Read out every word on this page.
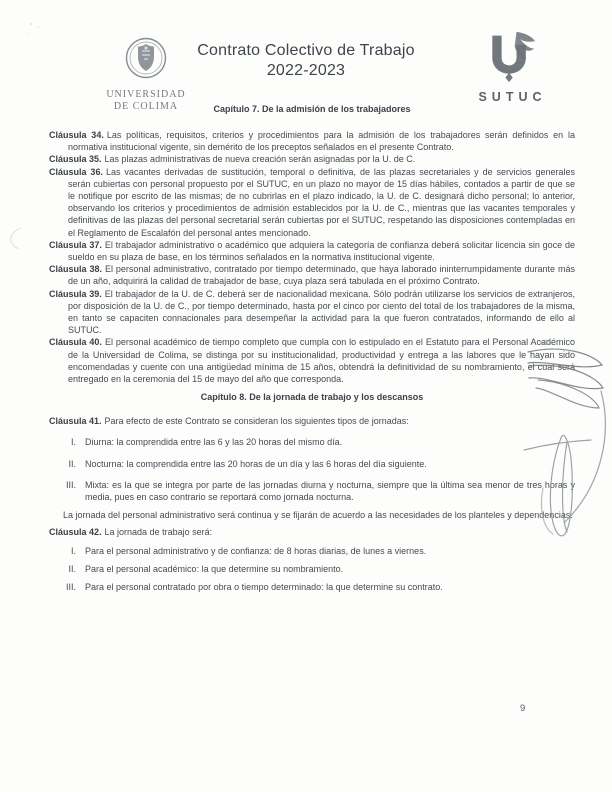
UNIVERSIDAD
DE COLIMA
Contrato Colectivo de Trabajo
2022-2023
SUTUC
Capítulo 7. De la admisión de los trabajadores

Cláusula 34. Las políticas, requisitos, criterios y procedimientos para la admisión de los trabajadores serán definidos en la normativa institucional vigente, sin demérito de los preceptos señalados en el presente Contrato.

Cláusula 35. Las plazas administrativas de nueva creación serán asignadas por la U. de C.

Cláusula 36. Las vacantes derivadas de sustitución, temporal o definitiva, de las plazas secretariales y de servicios generales serán cubiertas con personal propuesto por el SUTUC, en un plazo no mayor de 15 días hábiles, contados a partir de que se le notifique por escrito de las mismas; de no cubrirlas en el plazo indicado, la U. de C. designará dicho personal; lo anterior, observando los criterios y procedimientos de admisión establecidos por la U. de C., mientras que las vacantes temporales y definitivas de las plazas del personal secretarial serán cubiertas por el SUTUC, respetando las disposiciones contempladas en el Reglamento de Escalafón del personal antes mencionado.

Cláusula 37. El trabajador administrativo o académico que adquiera la categoría de confianza deberá solicitar licencia sin goce de sueldo en su plaza de base, en los términos señalados en la normativa institucional vigente.

Cláusula 38. El personal administrativo, contratado por tiempo determinado, que haya laborado ininterrumpidamente durante más de un año, adquirirá la calidad de trabajador de base, cuya plaza será tabulada en el próximo Contrato.

Cláusula 39. El trabajador de la U. de C. deberá ser de nacionalidad mexicana. Sólo podrán utilizarse los servicios de extranjeros, por disposición de la U. de C., por tiempo determinado, hasta por el cinco por ciento del total de los trabajadores de la misma, en tanto se capaciten connacionales para desempeñar la actividad para la que fueron contratados, informando de ello al SUTUC.

Cláusula 40. El personal académico de tiempo completo que cumpla con lo estipulado en el Estatuto para el Personal Académico de la Universidad de Colima, se distinga por su institucionalidad, productividad y entrega a las labores que le hayan sido encomendadas y cuente con una antigüedad mínima de 15 años, obtendrá la definitividad de su nombramiento, el cual será entregado en la ceremonia del 15 de mayo del año que corresponda.

Capítulo 8. De la jornada de trabajo y los descansos

Cláusula 41. Para efecto de este Contrato se consideran los siguientes tipos de jornadas:

I. Diurna: la comprendida entre las 6 y las 20 horas del mismo día.
II. Nocturna: la comprendida entre las 20 horas de un día y las 6 horas del día siguiente.
III. Mixta: es la que se integra por parte de las jornadas diurna y nocturna, siempre que la última sea menor de tres horas y media, pues en caso contrario se reportará como jornada nocturna.

La jornada del personal administrativo será continua y se fijarán de acuerdo a las necesidades de los planteles y dependencias.

Cláusula 42. La jornada de trabajo será:

I. Para el personal administrativo y de confianza: de 8 horas diarias, de lunes a viernes.
II. Para el personal académico: la que determine su nombramiento.
III. Para el personal contratado por obra o tiempo determinado: la que determine su contrato.
9
